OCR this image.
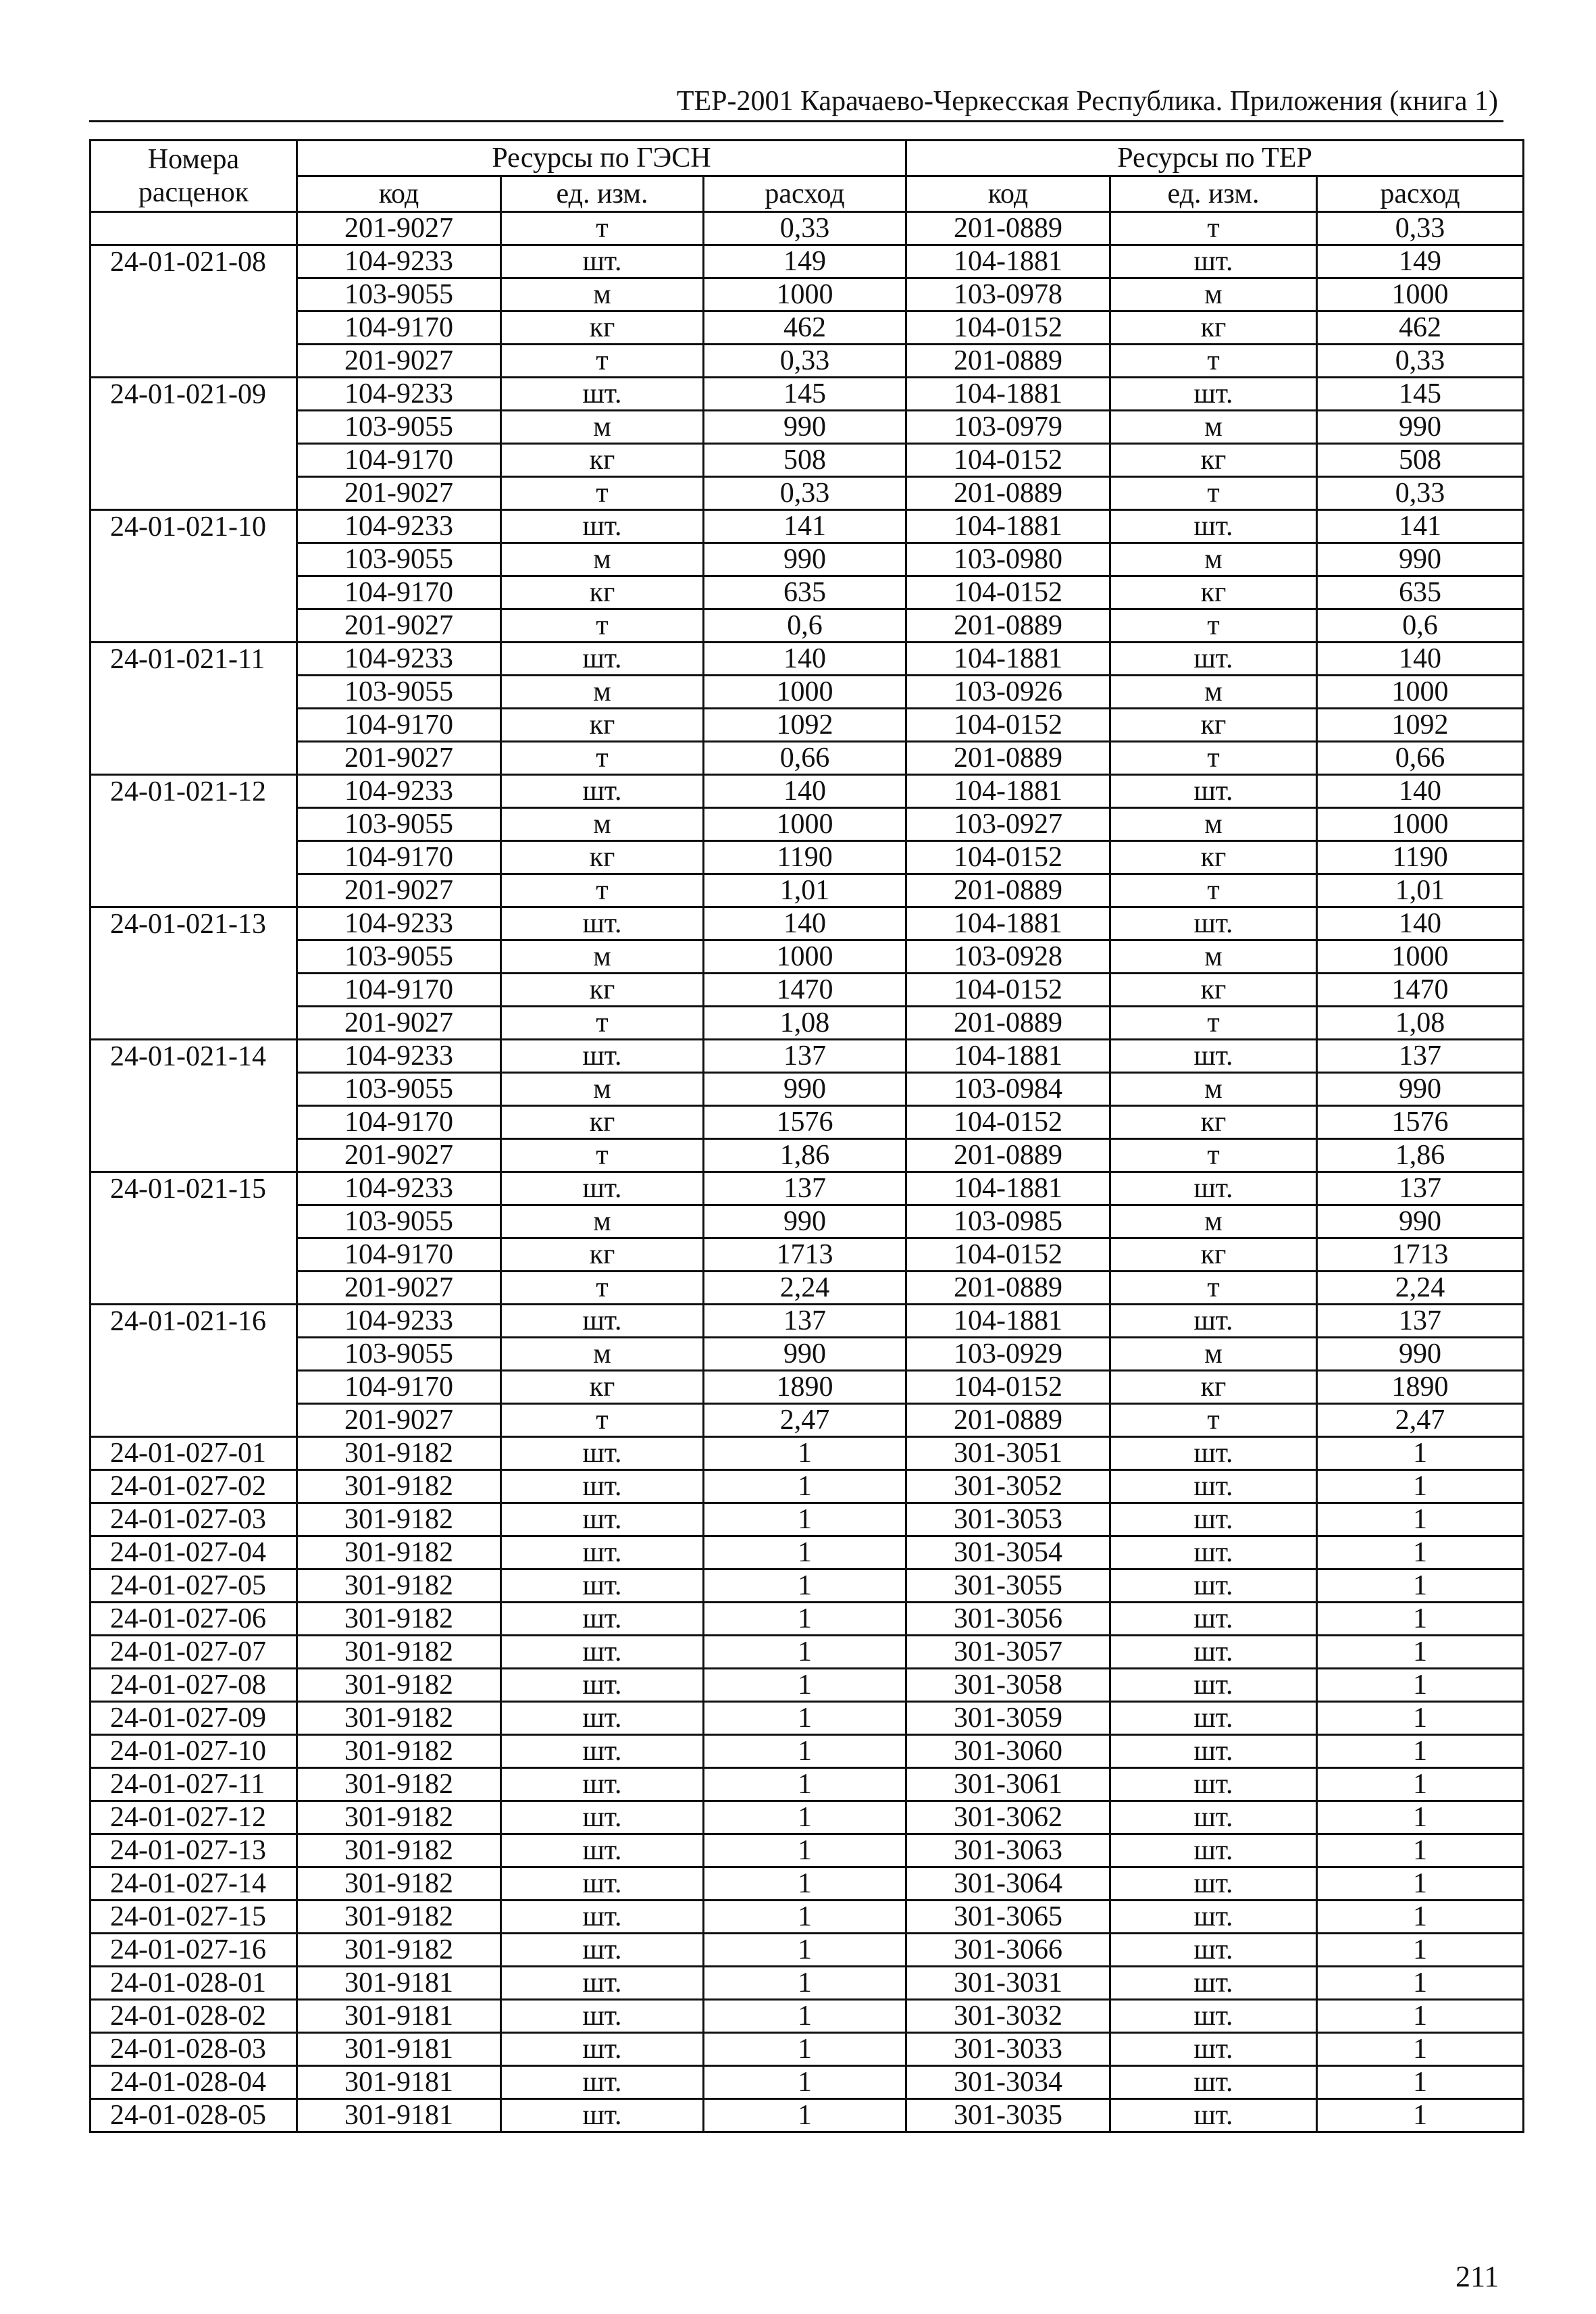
ТЕР-2001 Карачаево-Черкесская Республика. Приложения (книга 1)
Номера расценок	Ресурсы по ГЭСН			Ресурсы по ТЕР		
	код	ед. изм.	расход	код	ед. изм.	расход
	201-9027	т	0,33	201-0889	т	0,33
24-01-021-08	104-9233	шт.	149	104-1881	шт.	149
	103-9055	м	1000	103-0978	м	1000
	104-9170	кг	462	104-0152	кг	462
	201-9027	т	0,33	201-0889	т	0,33
24-01-021-09	104-9233	шт.	145	104-1881	шт.	145
	103-9055	м	990	103-0979	м	990
	104-9170	кг	508	104-0152	кг	508
	201-9027	т	0,33	201-0889	т	0,33
24-01-021-10	104-9233	шт.	141	104-1881	шт.	141
	103-9055	м	990	103-0980	м	990
	104-9170	кг	635	104-0152	кг	635
	201-9027	т	0,6	201-0889	т	0,6
24-01-021-11	104-9233	шт.	140	104-1881	шт.	140
	103-9055	м	1000	103-0926	м	1000
	104-9170	кг	1092	104-0152	кг	1092
	201-9027	т	0,66	201-0889	т	0,66
24-01-021-12	104-9233	шт.	140	104-1881	шт.	140
	103-9055	м	1000	103-0927	м	1000
	104-9170	кг	1190	104-0152	кг	1190
	201-9027	т	1,01	201-0889	т	1,01
24-01-021-13	104-9233	шт.	140	104-1881	шт.	140
	103-9055	м	1000	103-0928	м	1000
	104-9170	кг	1470	104-0152	кг	1470
	201-9027	т	1,08	201-0889	т	1,08
24-01-021-14	104-9233	шт.	137	104-1881	шт.	137
	103-9055	м	990	103-0984	м	990
	104-9170	кг	1576	104-0152	кг	1576
	201-9027	т	1,86	201-0889	т	1,86
24-01-021-15	104-9233	шт.	137	104-1881	шт.	137
	103-9055	м	990	103-0985	м	990
	104-9170	кг	1713	104-0152	кг	1713
	201-9027	т	2,24	201-0889	т	2,24
24-01-021-16	104-9233	шт.	137	104-1881	шт.	137
	103-9055	м	990	103-0929	м	990
	104-9170	кг	1890	104-0152	кг	1890
	201-9027	т	2,47	201-0889	т	2,47
24-01-027-01	301-9182	шт.	1	301-3051	шт.	1
24-01-027-02	301-9182	шт.	1	301-3052	шт.	1
24-01-027-03	301-9182	шт.	1	301-3053	шт.	1
24-01-027-04	301-9182	шт.	1	301-3054	шт.	1
24-01-027-05	301-9182	шт.	1	301-3055	шт.	1
24-01-027-06	301-9182	шт.	1	301-3056	шт.	1
24-01-027-07	301-9182	шт.	1	301-3057	шт.	1
24-01-027-08	301-9182	шт.	1	301-3058	шт.	1
24-01-027-09	301-9182	шт.	1	301-3059	шт.	1
24-01-027-10	301-9182	шт.	1	301-3060	шт.	1
24-01-027-11	301-9182	шт.	1	301-3061	шт.	1
24-01-027-12	301-9182	шт.	1	301-3062	шт.	1
24-01-027-13	301-9182	шт.	1	301-3063	шт.	1
24-01-027-14	301-9182	шт.	1	301-3064	шт.	1
24-01-027-15	301-9182	шт.	1	301-3065	шт.	1
24-01-027-16	301-9182	шт.	1	301-3066	шт.	1
24-01-028-01	301-9181	шт.	1	301-3031	шт.	1
24-01-028-02	301-9181	шт.	1	301-3032	шт.	1
24-01-028-03	301-9181	шт.	1	301-3033	шт.	1
24-01-028-04	301-9181	шт.	1	301-3034	шт.	1
24-01-028-05	301-9181	шт.	1	301-3035	шт.	1
211
